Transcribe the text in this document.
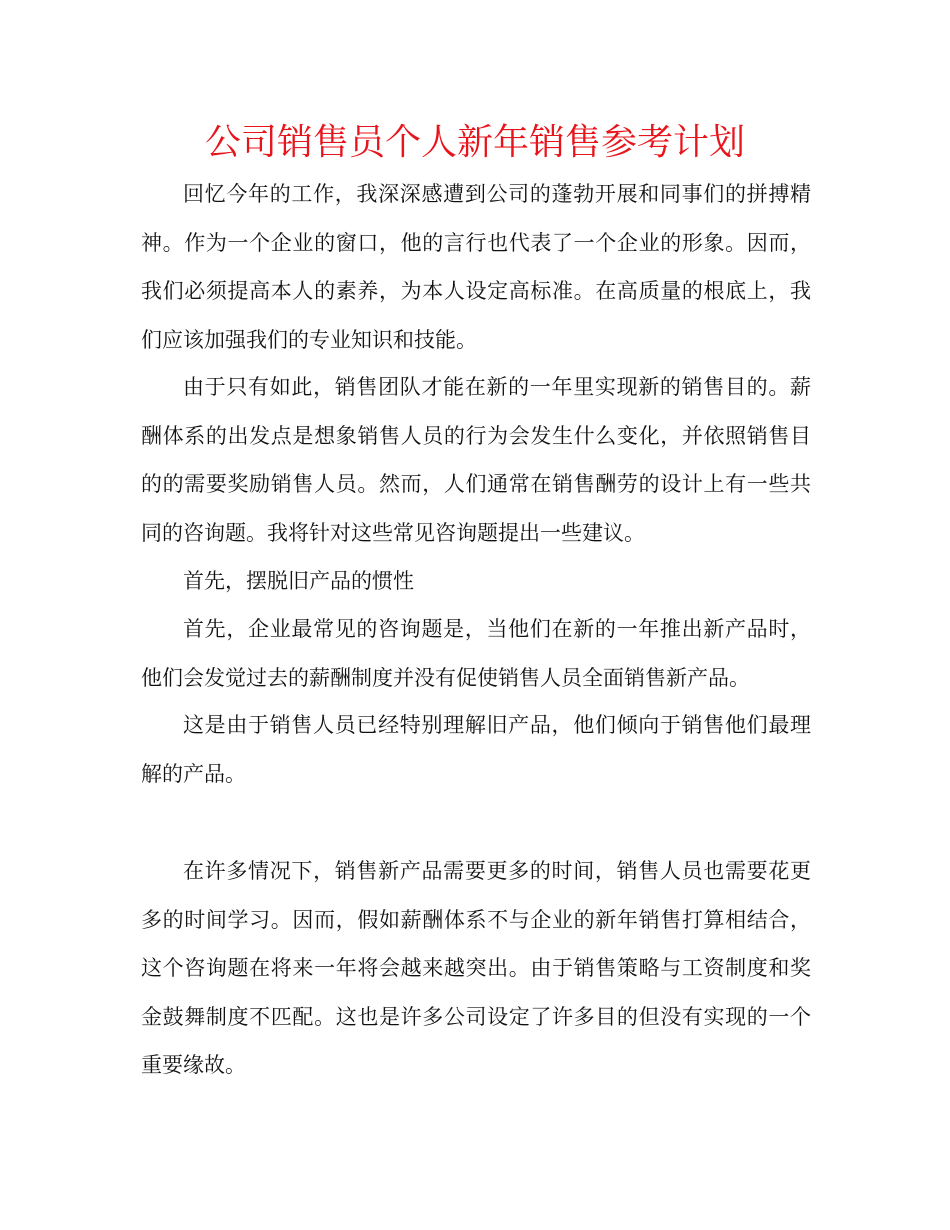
公司销售员个人新年销售参考计划

回忆今年的工作，我深深感遭到公司的蓬勃开展和同事们的拼搏精神。作为一个企业的窗口，他的言行也代表了一个企业的形象。因而，我们必须提高本人的素养，为本人设定高标准。在高质量的根底上，我们应该加强我们的专业知识和技能。

由于只有如此，销售团队才能在新的一年里实现新的销售目的。薪酬体系的出发点是想象销售人员的行为会发生什么变化，并依照销售目的的需要奖励销售人员。然而，人们通常在销售酬劳的设计上有一些共同的咨询题。我将针对这些常见咨询题提出一些建议。

首先，摆脱旧产品的惯性

首先，企业最常见的咨询题是，当他们在新的一年推出新产品时，他们会发觉过去的薪酬制度并没有促使销售人员全面销售新产品。

这是由于销售人员已经特别理解旧产品，他们倾向于销售他们最理解的产品。

在许多情况下，销售新产品需要更多的时间，销售人员也需要花更多的时间学习。因而，假如薪酬体系不与企业的新年销售打算相结合，这个咨询题在将来一年将会越来越突出。由于销售策略与工资制度和奖金鼓舞制度不匹配。这也是许多公司设定了许多目的但没有实现的一个重要缘故。
